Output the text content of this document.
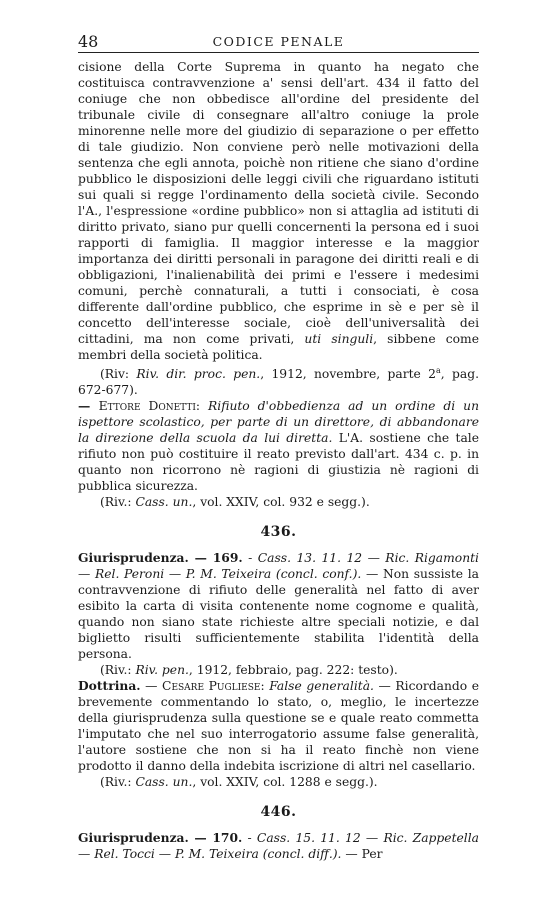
48	CODICE PENALE

cisione della Corte Suprema in quanto ha negato che costituisca contravvenzione a' sensi dell'art. 434 il fatto del coniuge che non obbedisce all'ordine del presidente del tribunale civile di consegnare all'altro coniuge la prole minorenne nelle more del giudizio di separazione o per effetto di tale giudizio. Non conviene però nelle motivazioni della sentenza che egli annota, poichè non ritiene che siano d'ordine pubblico le disposizioni delle leggi civili che riguardano istituti sui quali si regge l'ordinamento della società civile. Secondo l'A., l'espressione «ordine pubblico» non si attaglia ad istituti di diritto privato, siano pur quelli concernenti la persona ed i suoi rapporti di famiglia. Il maggior interesse e la maggior importanza dei diritti personali in paragone dei diritti reali e di obbligazioni, l'inalienabilità dei primi e l'essere i medesimi comuni, perchè connaturali, a tutti i consociati, è cosa differente dall'ordine pubblico, che esprime in sè e per sè il concetto dell'interesse sociale, cioè dell'universalità dei cittadini, ma non come privati, uti singuli, sibbene come membri della società politica.

(Riv: Riv. dir. proc. pen., 1912, novembre, parte 2$^a$, pag. 672-677).

— Ettore Donetti: Rifiuto d'obbedienza ad un ordine di un ispettore scolastico, per parte di un direttore, di abbandonare la direzione della scuola da lui diretta. L'A. sostiene che tale rifiuto non può costituire il reato previsto dall'art. 434 c. p. in quanto non ricorrono nè ragioni di giustizia nè ragioni di pubblica sicurezza.

(Riv.: Cass. un., vol. XXIV, col. 932 e segg.).

436.

Giurisprudenza. — 169. - Cass. 13. 11. 12 — Ric. Rigamonti — Rel. Peroni — P. M. Teixeira (concl. conf.). — Non sussiste la contravvenzione di rifiuto delle generalità nel fatto di aver esibito la carta di visita contenente nome cognome e qualità, quando non siano state richieste altre speciali notizie, e dal biglietto risulti sufficientemente stabilita l'identità della persona.

(Riv.: Riv. pen., 1912, febbraio, pag. 222: testo).

Dottrina. — Cesare Pugliese: False generalità. — Ricordando e brevemente commentando lo stato, o, meglio, le incertezze della giurisprudenza sulla questione se e quale reato commetta l'imputato che nel suo interrogatorio assume false generalità, l'autore sostiene che non si ha il reato finchè non viene prodotto il danno della indebita iscrizione di altri nel casellario.

(Riv.: Cass. un., vol. XXIV, col. 1288 e segg.).

446.

Giurisprudenza. — 170. - Cass. 15. 11. 12 — Ric. Zappetella — Rel. Tocci — P. M. Teixeira (concl. diff.). — Per
